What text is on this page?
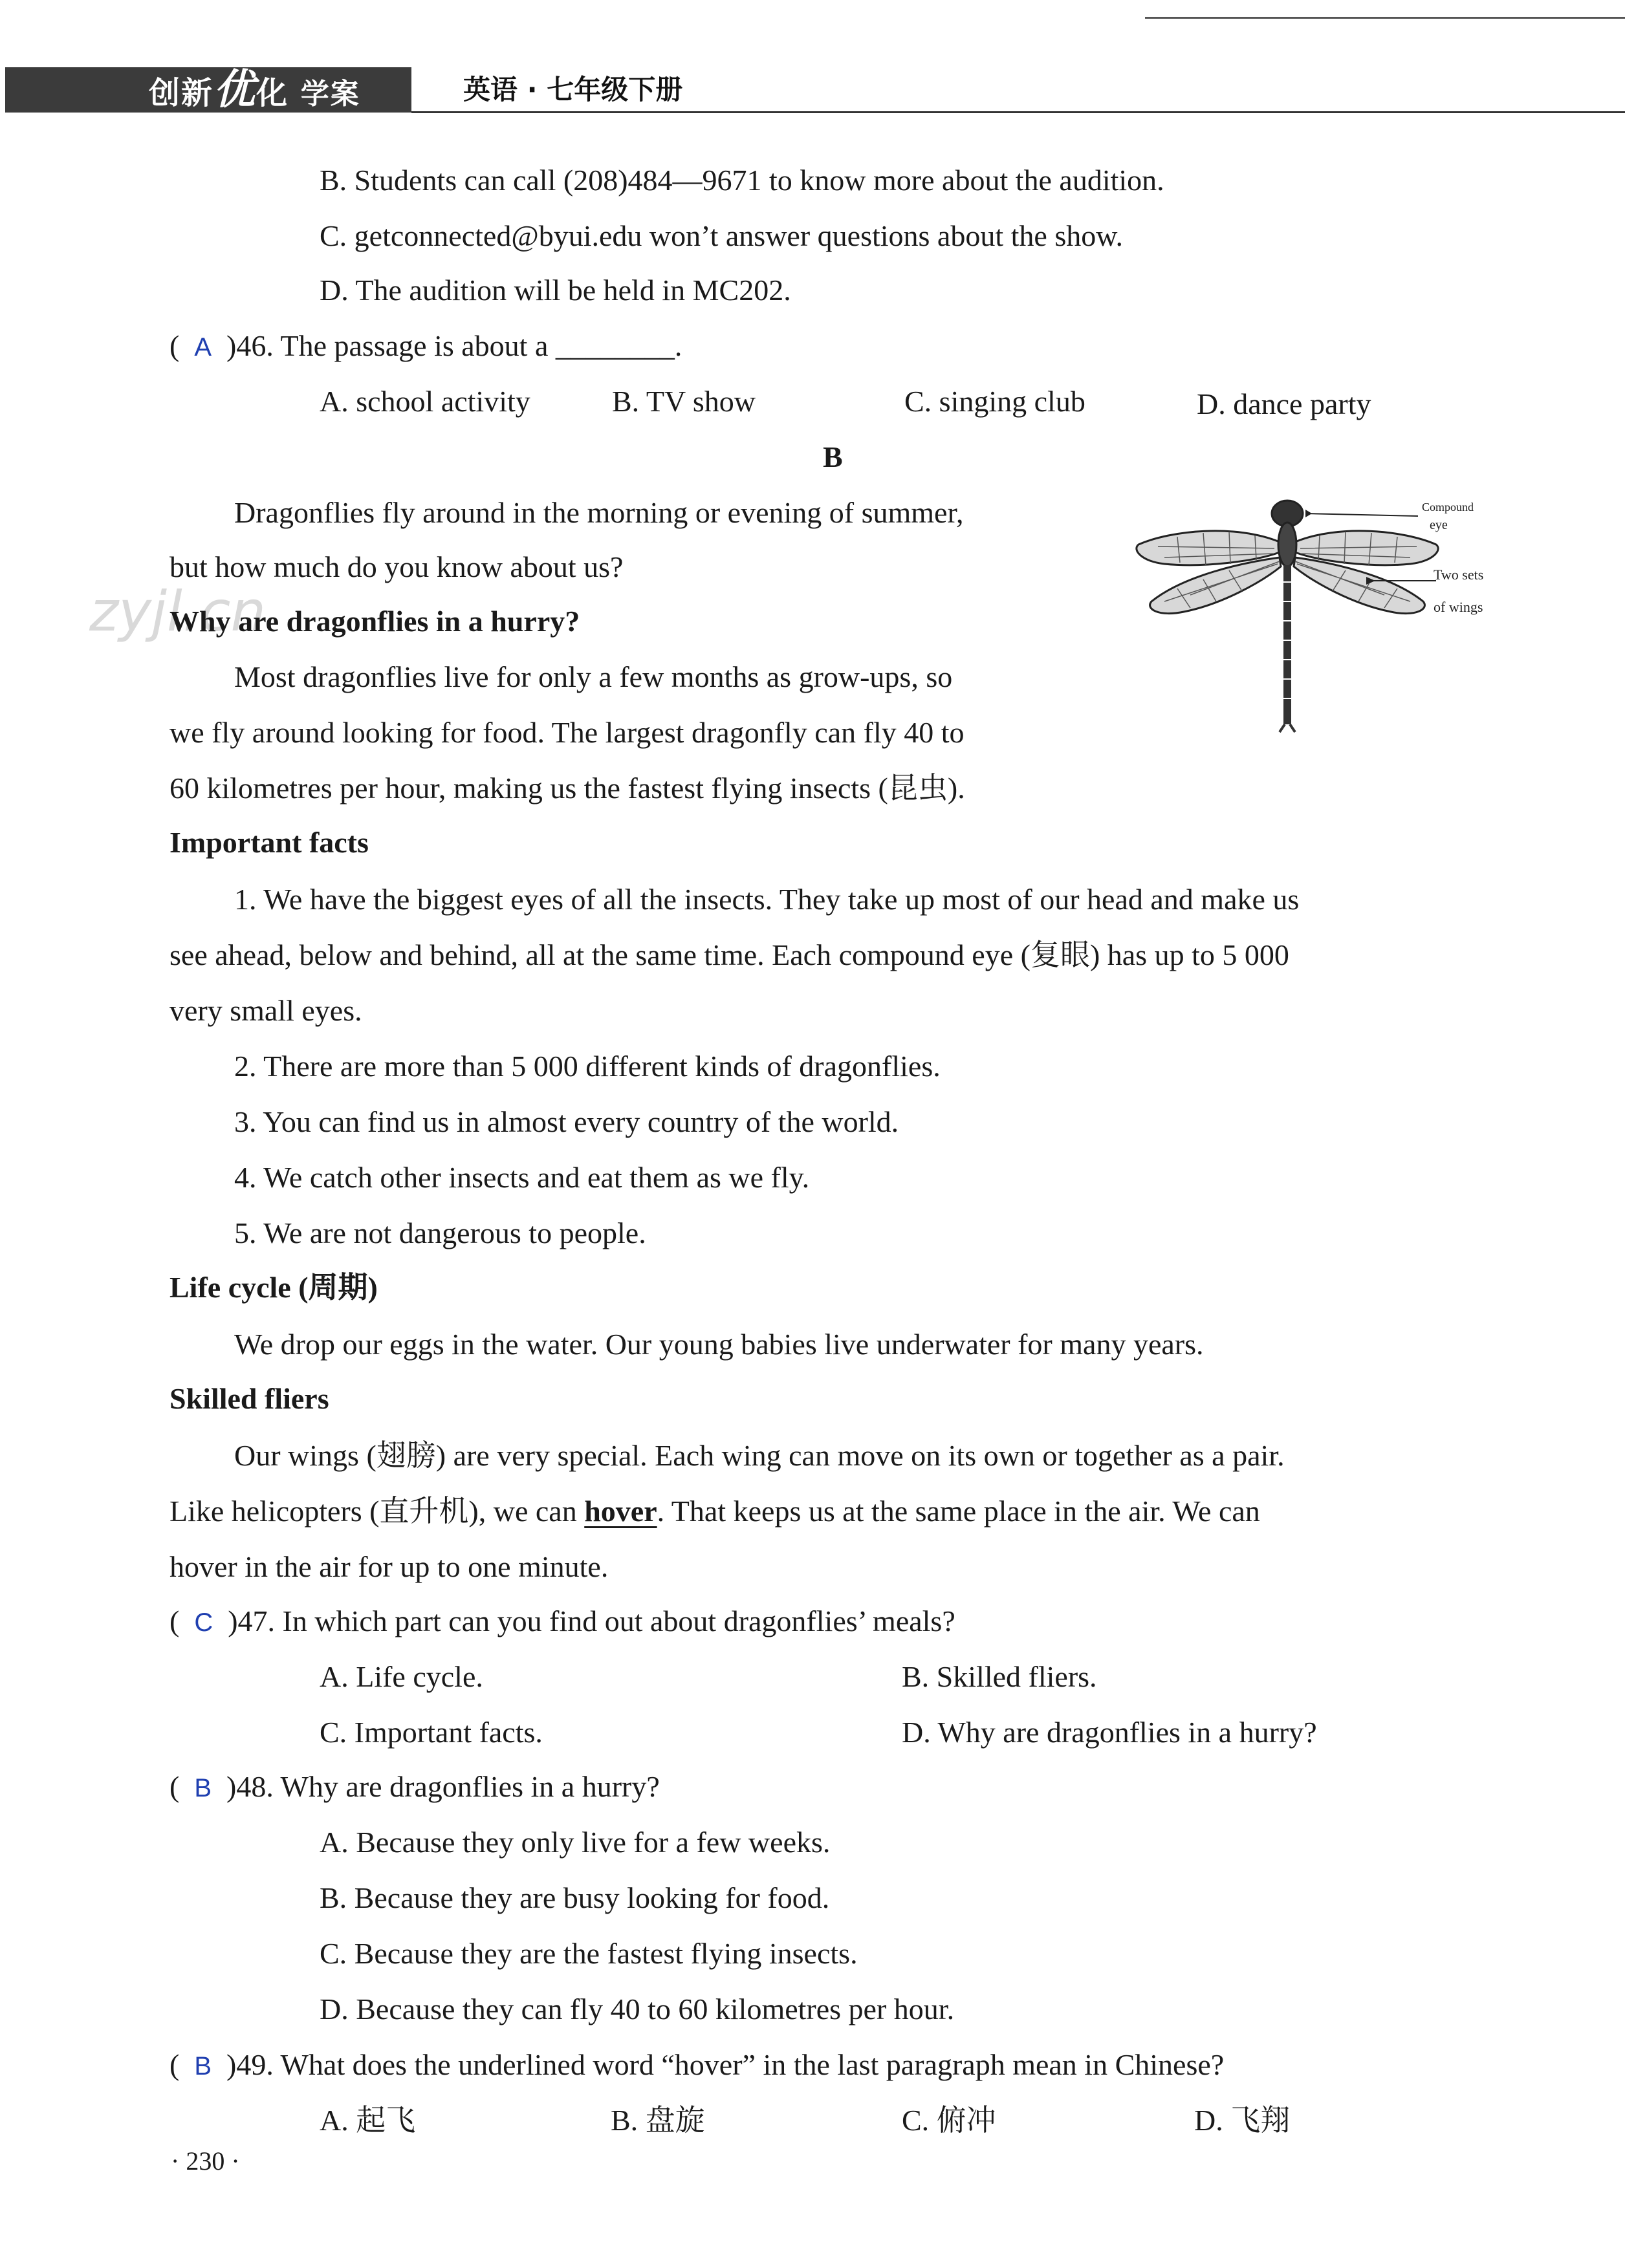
创新优化 学案	英语 · 七年级下册
B. Students can call (208)484—9671 to know more about the audition.
C. getconnected@byui.edu won’t answer questions about the show.
D. The audition will be held in MC202.
(  A )46. The passage is about a ________.
A. school activity	B. TV show	C. singing club	D. dance party
B
Dragonflies fly around in the morning or evening of summer,
but how much do you know about us?
zyjl.cn
Why are dragonflies in a hurry?
Most dragonflies live for only a few months as grow-ups, so
we fly around looking for food. The largest dragonfly can fly 40 to
60 kilometres per hour, making us the fastest flying insects (昆虫).
Compound
eye
Two sets
of wings
Important facts
1. We have the biggest eyes of all the insects. They take up most of our head and make us
see ahead, below and behind, all at the same time. Each compound eye (复眼) has up to 5 000
very small eyes.
2. There are more than 5 000 different kinds of dragonflies.
3. You can find us in almost every country of the world.
4. We catch other insects and eat them as we fly.
5. We are not dangerous to people.
Life cycle (周期)
We drop our eggs in the water. Our young babies live underwater for many years.
Skilled fliers
Our wings (翅膀) are very special. Each wing can move on its own or together as a pair.
Like helicopters (直升机), we can hover. That keeps us at the same place in the air. We can
hover in the air for up to one minute.
(  C )47. In which part can you find out about dragonflies’ meals?
A. Life cycle.	B. Skilled fliers.
C. Important facts.	D. Why are dragonflies in a hurry?
(  B )48. Why are dragonflies in a hurry?
A. Because they only live for a few weeks.
B. Because they are busy looking for food.
C. Because they are the fastest flying insects.
D. Because they can fly 40 to 60 kilometres per hour.
(  B )49. What does the underlined word “hover” in the last paragraph mean in Chinese?
A. 起飞	B. 盘旋	C. 俯冲	D. 飞翔
· 230 ·
